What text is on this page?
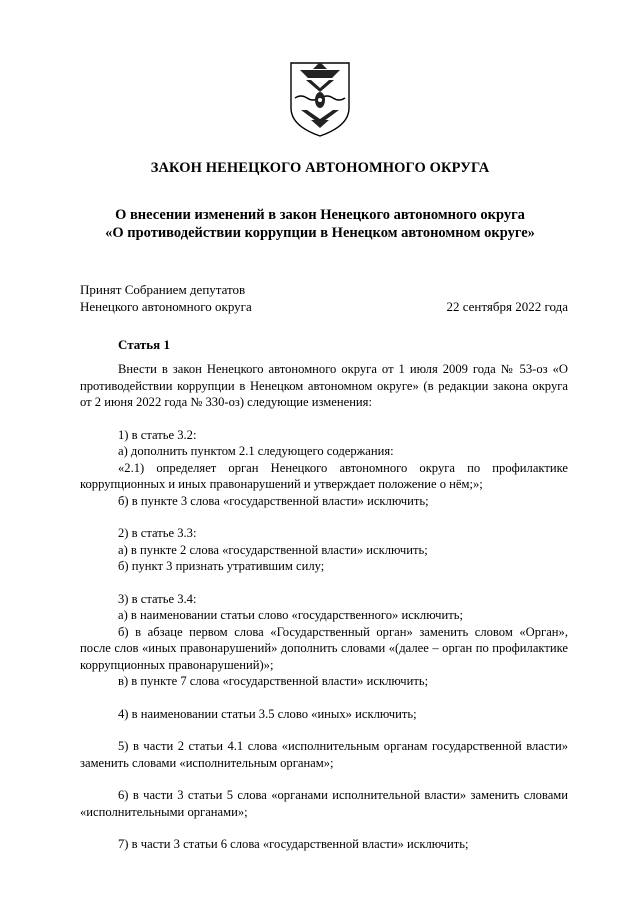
ЗАКОН НЕНЕЦКОГО АВТОНОМНОГО ОКРУГА
О внесении изменений в закон Ненецкого автономного округа
«О противодействии коррупции в Ненецком автономном округе»
Принят Собранием депутатов
Ненецкого автономного округа	22 сентября 2022 года
Статья 1

Внести в закон Ненецкого автономного округа от 1 июля 2009 года № 53-оз «О противодействии коррупции в Ненецком автономном округе» (в редакции закона округа от 2 июня 2022 года № 330-оз) следующие изменения:

1) в статье 3.2:

а) дополнить пунктом 2.1 следующего содержания:

«2.1) определяет орган Ненецкого автономного округа по профилактике коррупционных и иных правонарушений и утверждает положение о нём;»;

б) в пункте 3 слова «государственной власти» исключить;

2) в статье 3.3:

а) в пункте 2 слова «государственной власти» исключить;

б) пункт 3 признать утратившим силу;

3) в статье 3.4:

а) в наименовании статьи слово «государственного» исключить;

б) в абзаце первом слова «Государственный орган» заменить словом «Орган», после слов «иных правонарушений» дополнить словами «(далее – орган по профилактике коррупционных правонарушений)»;

в) в пункте 7 слова «государственной власти» исключить;

4) в наименовании статьи 3.5 слово «иных» исключить;

5) в части 2 статьи 4.1 слова «исполнительным органам государственной власти» заменить словами «исполнительным органам»;

6) в части 3 статьи 5 слова «органами исполнительной власти» заменить словами «исполнительными органами»;

7) в части 3 статьи 6 слова «государственной власти» исключить;
